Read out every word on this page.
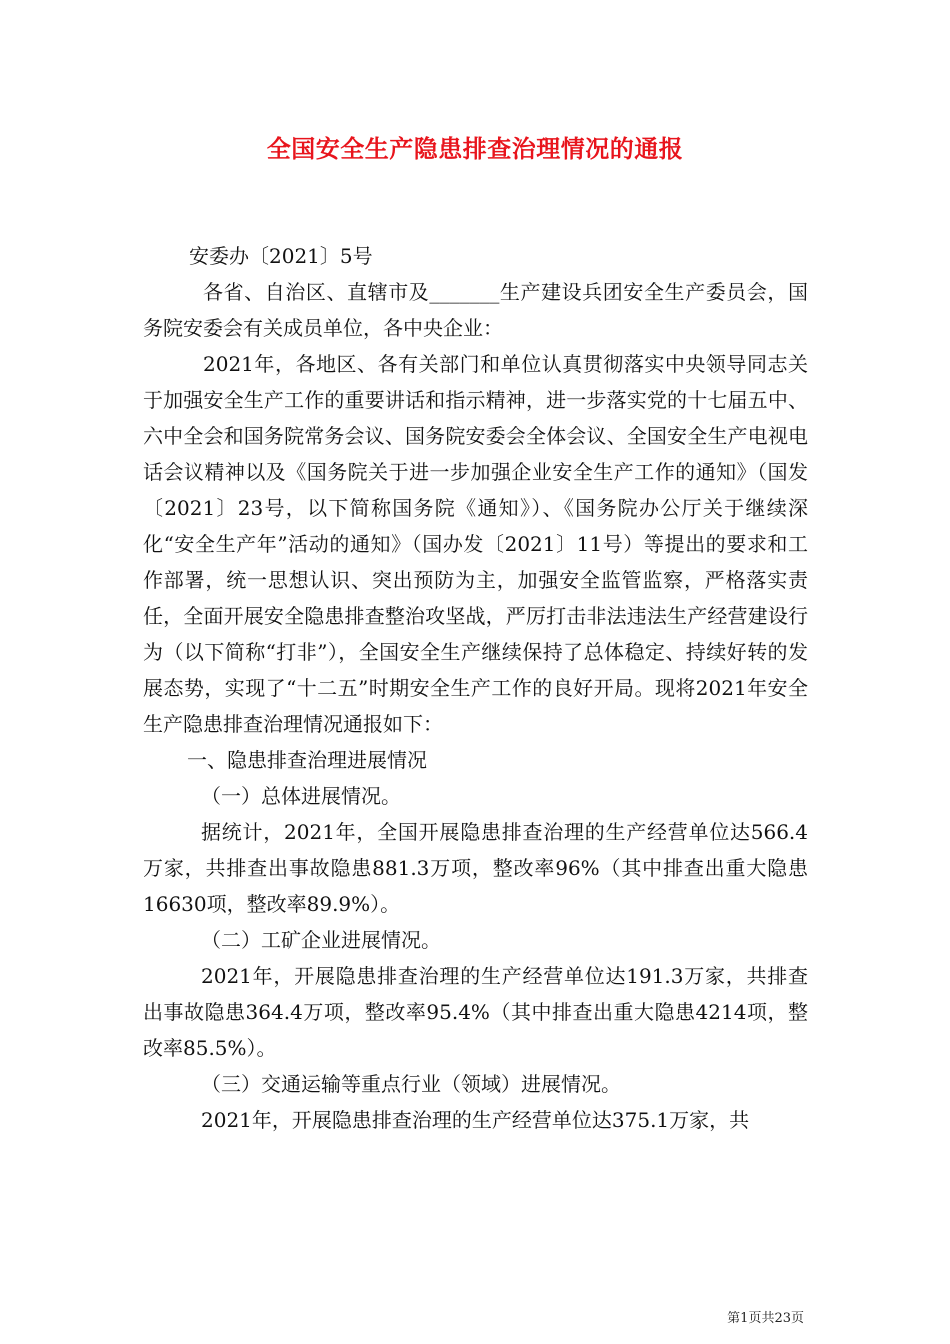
全国安全生产隐患排查治理情况的通报

安委办〔2021〕5号

各省、自治区、直辖市及_______生产建设兵团安全生产委员会，国务院安委会有关成员单位，各中央企业：

2021年，各地区、各有关部门和单位认真贯彻落实中央领导同志关于加强安全生产工作的重要讲话和指示精神，进一步落实党的十七届五中、六中全会和国务院常务会议、国务院安委会全体会议、全国安全生产电视电话会议精神以及《国务院关于进一步加强企业安全生产工作的通知》（国发〔2021〕23号，以下简称国务院《通知》）、《国务院办公厅关于继续深化“安全生产年”活动的通知》（国办发〔2021〕11号）等提出的要求和工作部署，统一思想认识、突出预防为主，加强安全监管监察，严格落实责任，全面开展安全隐患排查整治攻坚战，严厉打击非法违法生产经营建设行为（以下简称“打非”），全国安全生产继续保持了总体稳定、持续好转的发展态势，实现了“十二五”时期安全生产工作的良好开局。现将2021年安全生产隐患排查治理情况通报如下：

一、隐患排查治理进展情况

（一）总体进展情况。

据统计，2021年，全国开展隐患排查治理的生产经营单位达566.4万家，共排查出事故隐患881.3万项，整改率96%（其中排查出重大隐患16630项，整改率89.9%）。

（二）工矿企业进展情况。

2021年，开展隐患排查治理的生产经营单位达191.3万家，共排查出事故隐患364.4万项，整改率95.4%（其中排查出重大隐患4214项，整改率85.5%）。

（三）交通运输等重点行业（领域）进展情况。

2021年，开展隐患排查治理的生产经营单位达375.1万家，共

第1页共23页
